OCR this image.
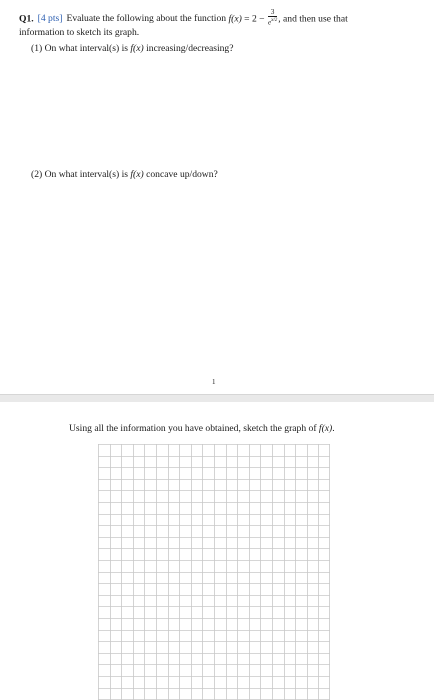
Q1. [4 pts] Evaluate the following about the function $f(x) = 2 - \frac{3}{e^{x/2}}$ , and then use that
information to sketch its graph.
(1) On what interval(s) is f(x) increasing/decreasing?
(2) On what interval(s) is f(x) concave up/down?
1
Using all the information you have obtained, sketch the graph of f(x).
